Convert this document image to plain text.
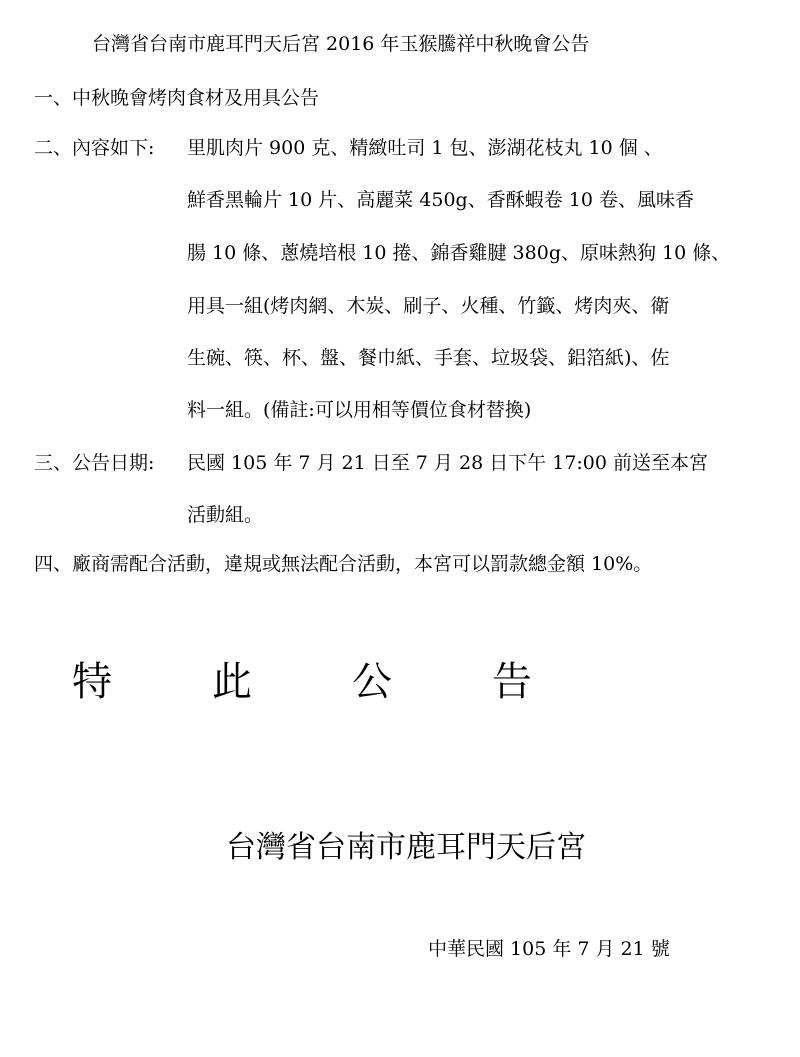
台灣省台南市鹿耳門天后宮 2016 年玉猴騰祥中秋晚會公告
一、中秋晚會烤肉食材及用具公告
二、內容如下: 里肌肉片 900 克、精緻吐司 1 包、澎湖花枝丸 10 個 、
鮮香黑輪片 10 片、高麗菜 450g、香酥蝦卷 10 卷、風味香
腸 10 條、蔥燒培根 10 捲、錦香雞腱 380g、原味熱狗 10 條、
用具一組(烤肉網、木炭、刷子、火種、竹籤、烤肉夾、衛
生碗、筷、杯、盤、餐巾紙、手套、垃圾袋、鋁箔紙)、佐
料一組。(備註:可以用相等價位食材替換)
三、公告日期: 民國 105 年 7 月 21 日至 7 月 28 日下午 17:00 前送至本宮
活動組。
四、廠商需配合活動，違規或無法配合活動，本宮可以罰款總金額 10%。
特	此	公	告
台灣省台南市鹿耳門天后宮
中華民國 105 年 7 月 21 號
